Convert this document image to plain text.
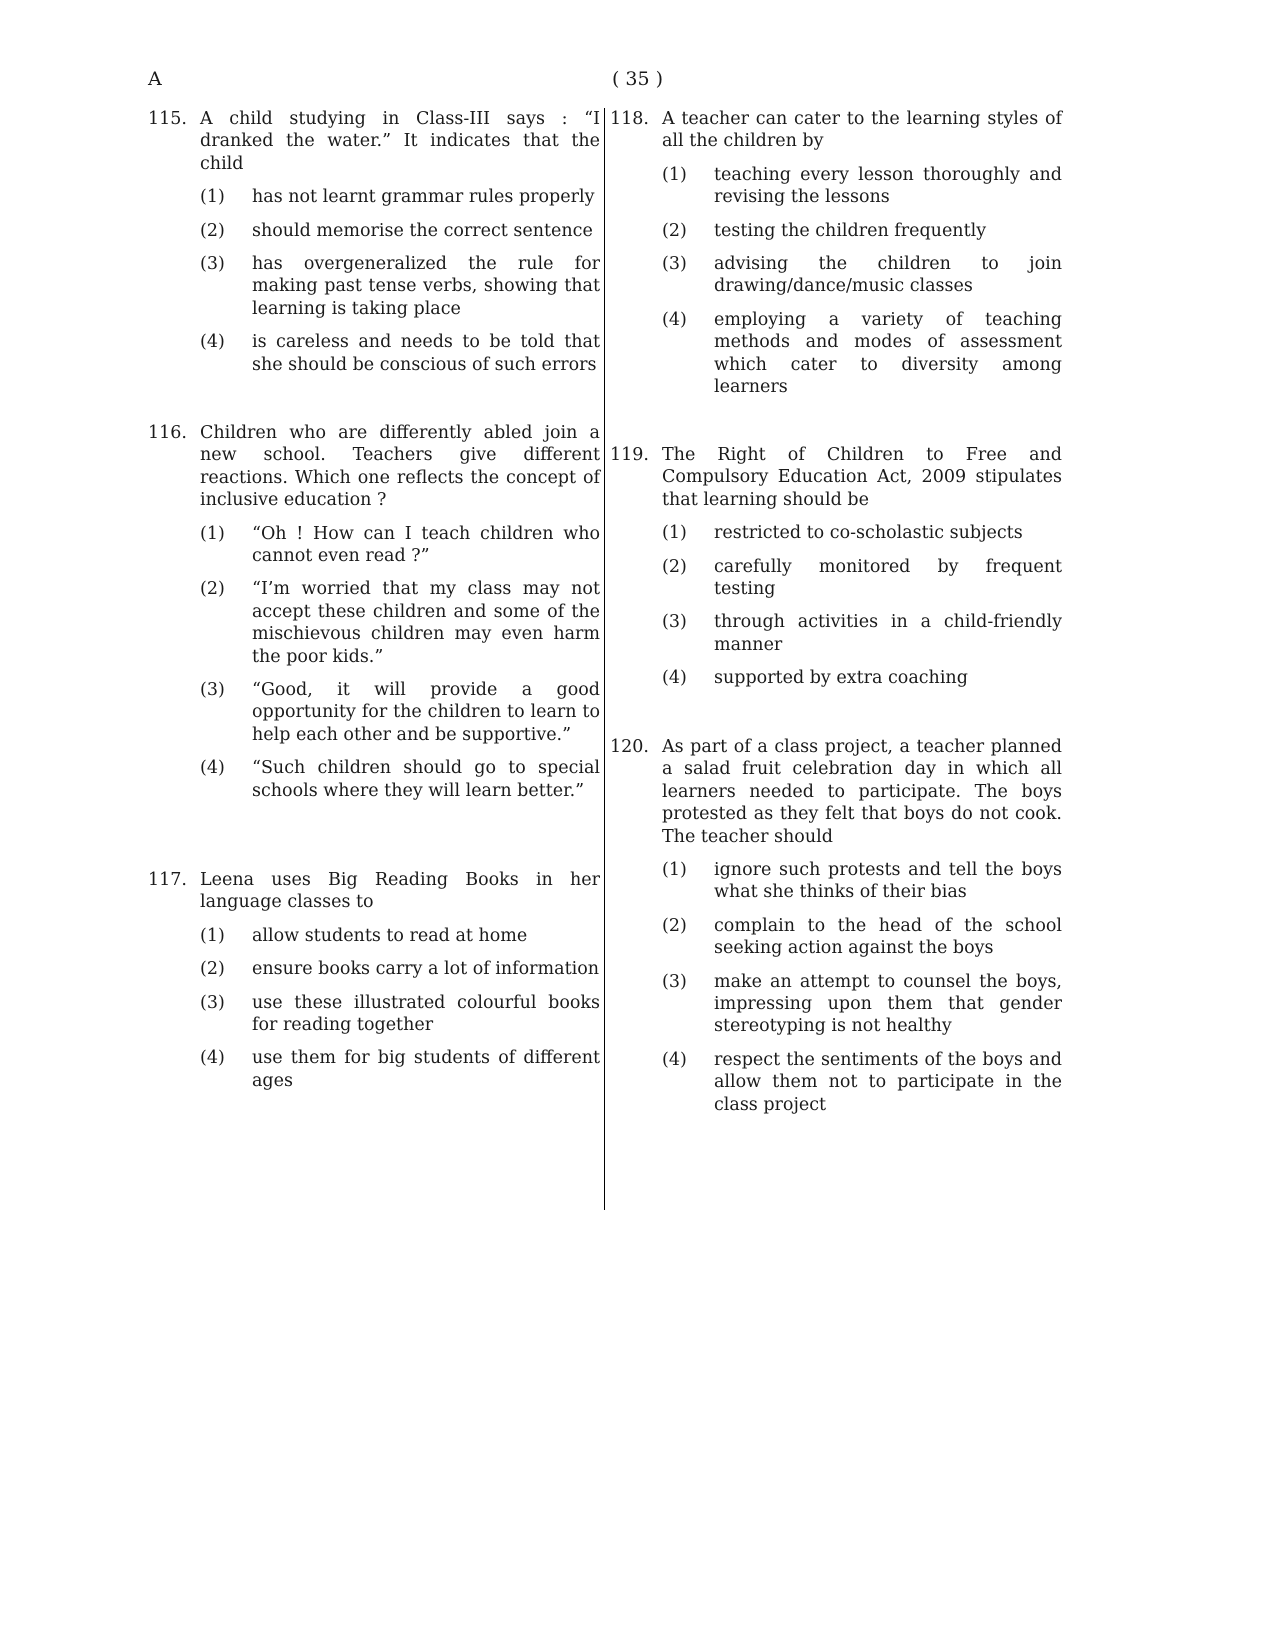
A	( 35 )
115. A child studying in Class-III says : “I dranked the water.” It indicates that the child
(1)	has not learnt grammar rules properly
(2)	should memorise the correct sentence
(3)	has overgeneralized the rule for making past tense verbs, showing that learning is taking place
(4)	is careless and needs to be told that she should be conscious of such errors
116. Children who are differently abled join a new school. Teachers give different reactions. Which one reflects the concept of inclusive education ?
(1)	“Oh ! How can I teach children who cannot even read ?”
(2)	“I’m worried that my class may not accept these children and some of the mischievous children may even harm the poor kids.”
(3)	“Good, it will provide a good opportunity for the children to learn to help each other and be supportive.”
(4)	“Such children should go to special schools where they will learn better.”
117. Leena uses Big Reading Books in her language classes to
(1)	allow students to read at home
(2)	ensure books carry a lot of information
(3)	use these illustrated colourful books for reading together
(4)	use them for big students of different ages
118. A teacher can cater to the learning styles of all the children by
(1)	teaching every lesson thoroughly and revising the lessons
(2)	testing the children frequently
(3)	advising the children to join drawing/dance/music classes
(4)	employing a variety of teaching methods and modes of assessment which cater to diversity among learners
119. The Right of Children to Free and Compulsory Education Act, 2009 stipulates that learning should be
(1)	restricted to co-scholastic subjects
(2)	carefully monitored by frequent testing
(3)	through activities in a child-friendly manner
(4)	supported by extra coaching
120. As part of a class project, a teacher planned a salad fruit celebration day in which all learners needed to participate. The boys protested as they felt that boys do not cook. The teacher should
(1)	ignore such protests and tell the boys what she thinks of their bias
(2)	complain to the head of the school seeking action against the boys
(3)	make an attempt to counsel the boys, impressing upon them that gender stereotyping is not healthy
(4)	respect the sentiments of the boys and allow them not to participate in the class project
